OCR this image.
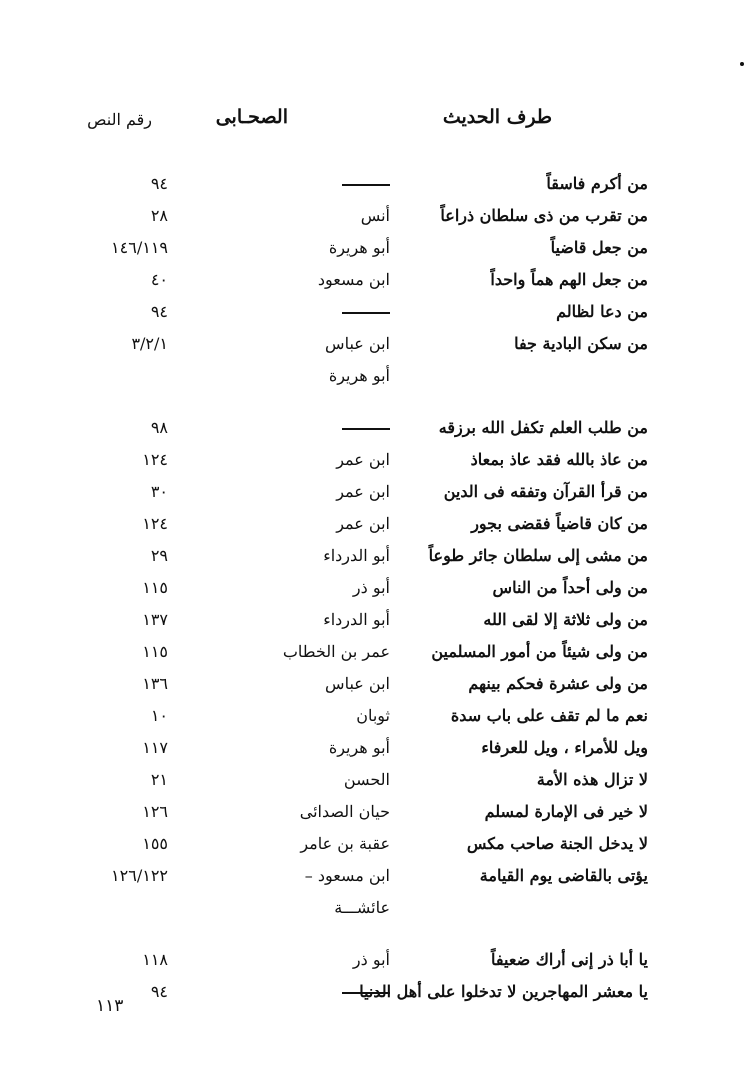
طرف الحديث
الصحـابى
رقم النص
من أكرم فاسقاً
٩٤
من تقرب من ذى سلطان ذراعاً
أنس
٢٨
من جعل قاضياً
أبو هريرة
١٤٦/١١٩
من جعل الهم هماً واحداً
ابن مسعود
٤٠
من دعا لظالم
٩٤
من سكن البادية جفا
ابن عباس
٣/٢/١
أبو هريرة
من طلب العلم تكفل الله برزقه
٩٨
من عاذ بالله فقد عاذ بمعاذ
ابن عمر
١٢٤
من قرأ القرآن وتفقه فى الدين
ابن عمر
٣٠
من كان قاضياً فقضى بجور
ابن عمر
١٢٤
من مشى إلى سلطان جائر طوعاً
أبو الدرداء
٢٩
من ولى أحداً من الناس
أبو ذر
١١٥
من ولى ثلاثة إلا لقى الله
أبو الدرداء
١٣٧
من ولى شيئاً من أمور المسلمين
عمر بن الخطاب
١١٥
من ولى عشرة فحكم بينهم
ابن عباس
١٣٦
نعم ما لم تقف على باب سدة
ثوبان
١٠
ويل للأمراء ، ويل للعرفاء
أبو هريرة
١١٧
لا تزال هذه الأمة
الحسن
٢١
لا خير فى الإمارة لمسلم
حيان الصدائى
١٢٦
لا يدخل الجنة صاحب مكس
عقبة بن عامر
١٥٥
يؤتى بالقاضى يوم القيامة
ابن مسعود –
١٢٦/١٢٢
عائشـــة
يا أبا ذر إنى أراك ضعيفاً
أبو ذر
١١٨
يا معشر المهاجرين لا تدخلوا على أهل الدنيا
٩٤
١١٣
